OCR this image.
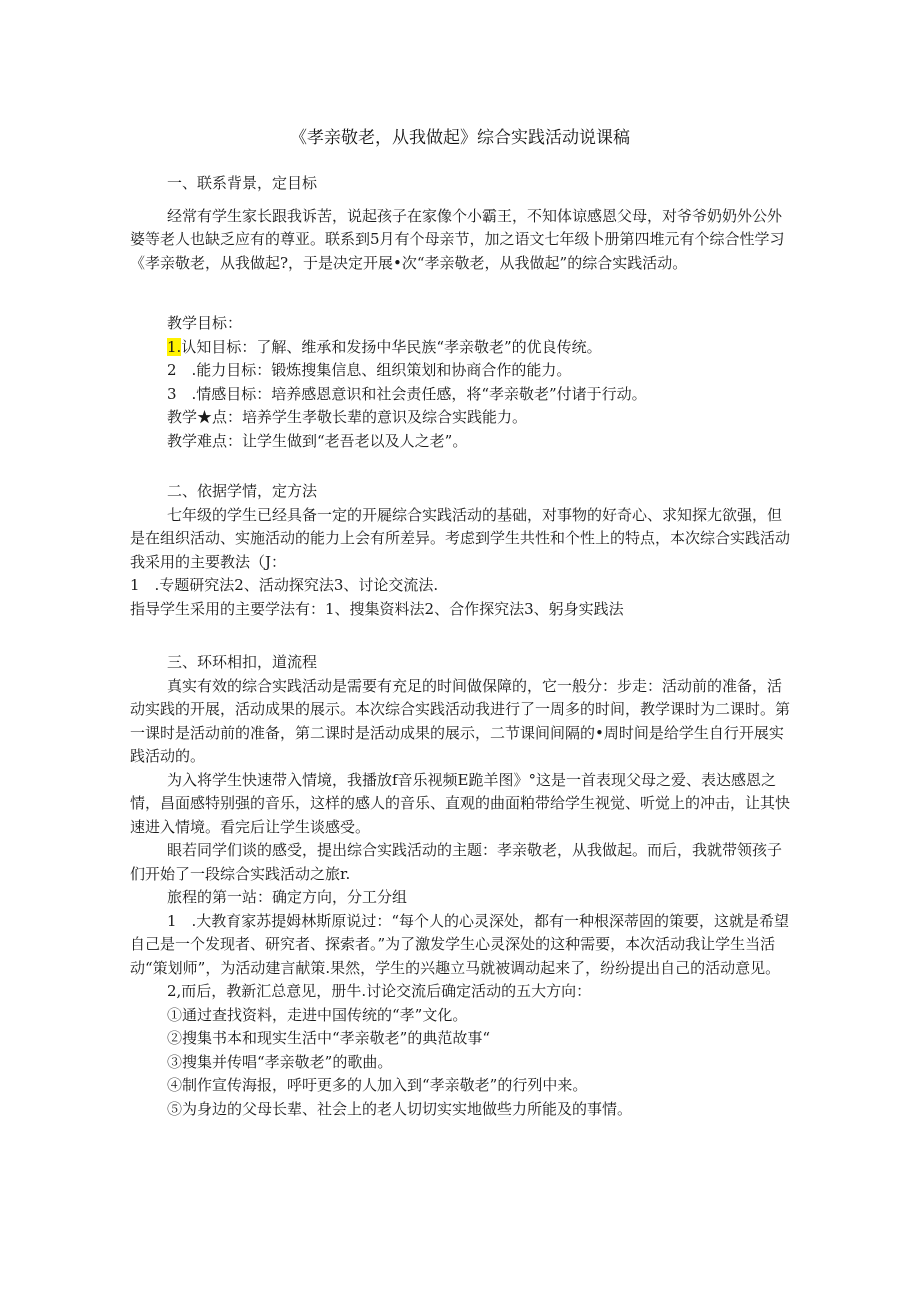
《孝亲敬老，从我做起》综合实践活动说课稿

一、联系背景，定目标

经常有学生家长跟我诉苦，说起孩子在家像个小霸王，不知体谅感恩父母，对爷爷奶奶外公外婆等老人也缺乏应有的尊亚。联系到5月有个母亲节，加之语文七年级卜册第四堆元有个综合性学习《孝亲敬老，从我做起?，于是决定开展•次“孝亲敬老，从我做起”的综合实践活动。

教学目标：

1.认知目标：了解、维承和发扬中华民族“孝亲敬老”的优良传统。

2　.能力目标：锻炼搜集信息、组织策划和协商合作的能力。

3　.情感目标：培养感恩意识和社会责任感，将“孝亲敬老”付诸于行动。

教学★点：培养学生孝敬长辈的意识及综合实践能力。

教学难点：让学生做到“老吾老以及人之老”。

二、依据学情，定方法

七年级的学生已经具备一定的开屣综合实践活动的基础，对事物的好奇心、求知探尢欲强，但是在组织活动、实施活动的能力上会有所差异。考虑到学生共性和个性上的特点，本次综合实践活动我采用的主要教法（J：

1　.专题研究法2、活动探究法3、讨论交流法.

指导学生采用的主要学法有：1、搜集资料法2、合作探究法3、躬身实践法

三、环环相扣，道流程

真实有效的综合实践活动是需要有充足的时间做保障的，它一般分：步走：活动前的准备，活动实践的开展，活动成果的展示。本次综合实践活动我进行了一周多的时间，教学课时为二课时。第一课时是活动前的准备，第二课时是活动成果的展示，二节课间间隔的•周时间是给学生自行开展实践活动的。

为入将学生快速带入情境，我播放f音乐视频E跪羊图》°这是一首表现父母之爱、表达感恩之情，昌面感特别强的音乐，这样的感人的音乐、直观的曲面粕带给学生视觉、听觉上的冲击，让其快速进入情境。看完后让学生谈感受。

眼若同学们谈的感受，提出综合实践活动的主题：孝亲敬老，从我做起。而后，我就带领孩子们开始了一段综合实践活动之旅r.

旅程的第一站：确定方向，分工分组

1　.大教育家苏提姆林斯原说过：“每个人的心灵深处，都有一种根深蒂固的策要，这就是希望自己是一个发现者、研究者、探索者。”为了激发学生心灵深处的这种需要，本次活动我让学生当活动“策划师”，为活动建言献策.果然，学生的兴趣立马就被调动起来了，纷纷提出自己的活动意见。

2,而后，教新汇总意见，册牛.讨论交流后确定活动的五大方向：

①通过查找资料，走进中国传统的“孝”文化。

②搜集书本和现实生活中“孝亲敬老”的典范故事“

③搜集并传唱“孝亲敬老”的歌曲。

④制作宣传海报，呼吁更多的人加入到“孝亲敬老”的行列中来。

⑤为身边的父母长辈、社会上的老人切切实实地做些力所能及的事情。
